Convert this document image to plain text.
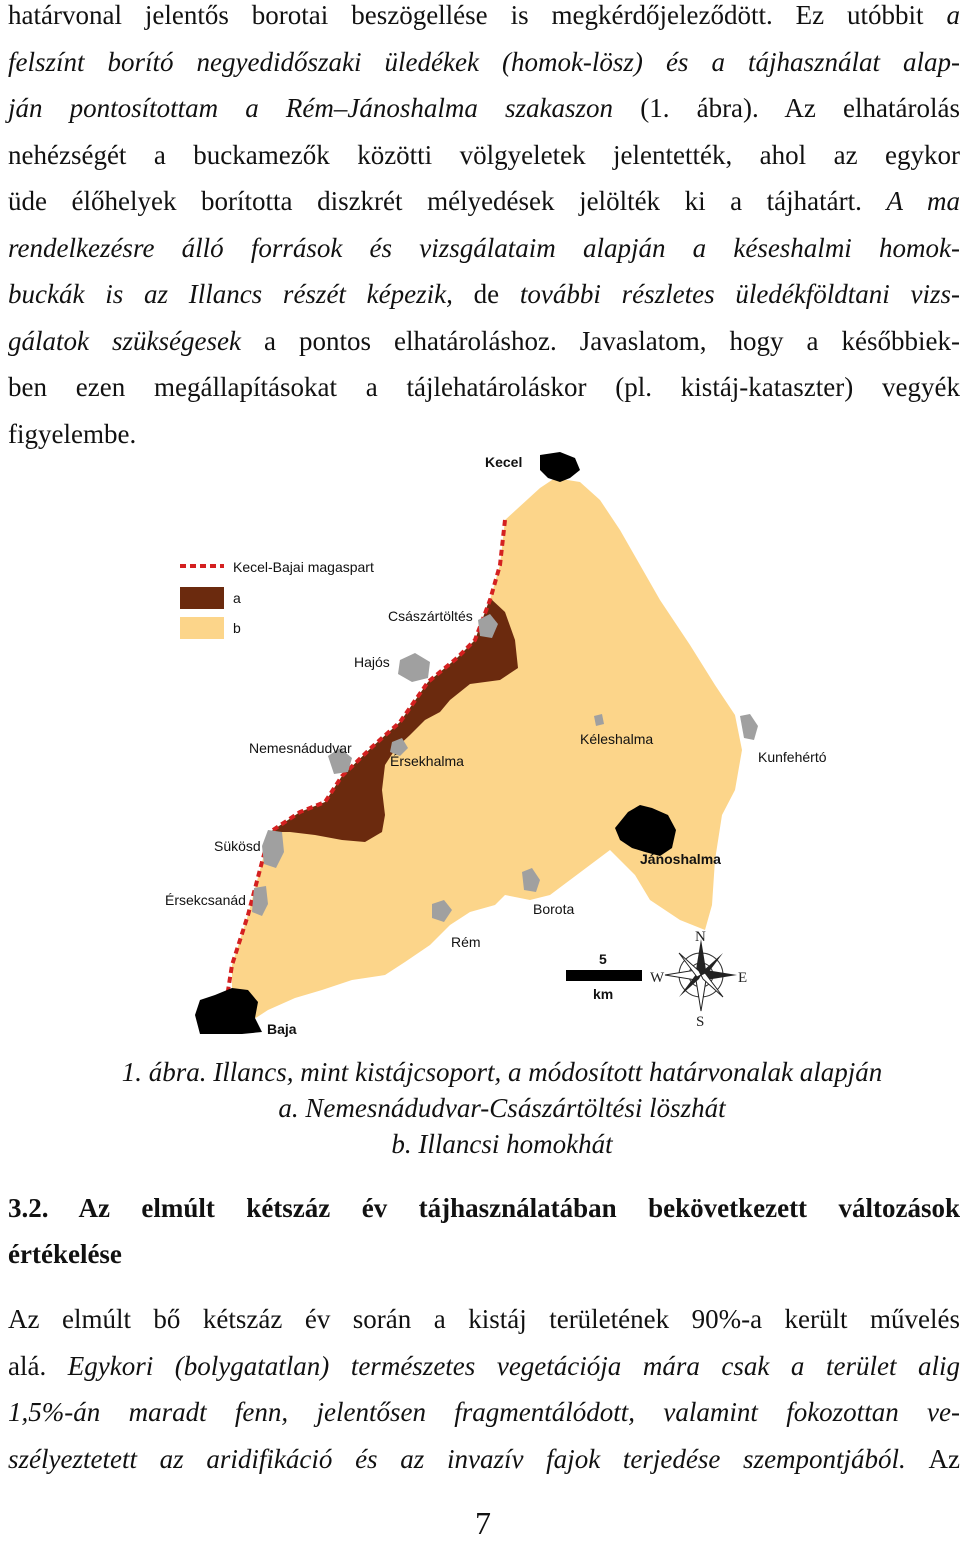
határvonal jelentős borotai beszögellése is megkérdőjeleződött. Ez utóbbit a
felszínt borító negyedidőszaki üledékek (homok-lösz) és a tájhasználat alap-
ján pontosítottam a Rém–Jánoshalma szakaszon (1. ábra). Az elhatárolás
nehézségét a buckamezők közötti völgyeletek jelentették, ahol az egykor
üde élőhelyek borította diszkrét mélyedések jelölték ki a tájhatárt. A ma
rendelkezésre álló források és vizsgálataim alapján a késeshalmi homok-
buckák is az Illancs részét képezik, de további részletes üledékföldtani vizs-
gálatok szükségesek a pontos elhatároláshoz. Javaslatom, hogy a későbbiek-
ben ezen megállapításokat a tájlehatároláskor (pl. kistáj-kataszter) vegyék
figyelembe.
Kecel-Bajai magaspart
a
b
Kecel
Császártöltés
Hajós
Nemesnádudvar
Érsekhalma
Kéleshalma
Kunfehértó
Sükösd
Jánoshalma
Érsekcsanád
Borota
Rém
Baja
5
km
N
S
W	E
1. ábra. Illancs, mint kistájcsoport, a módosított határvonalak alapján
a. Nemesnádudvar-Császártöltési löszhát
b. Illancsi homokhát
3.2. Az elmúlt kétszáz év tájhasználatában bekövetkezett változások
értékelése
Az elmúlt bő kétszáz év során a kistáj területének 90%-a került művelés
alá. Egykori (bolygatatlan) természetes vegetációja mára csak a terület alig
1,5%-án maradt fenn, jelentősen fragmentálódott, valamint fokozottan ve-
szélyeztetett az aridifikáció és az invazív fajok terjedése szempontjából. Az
7
